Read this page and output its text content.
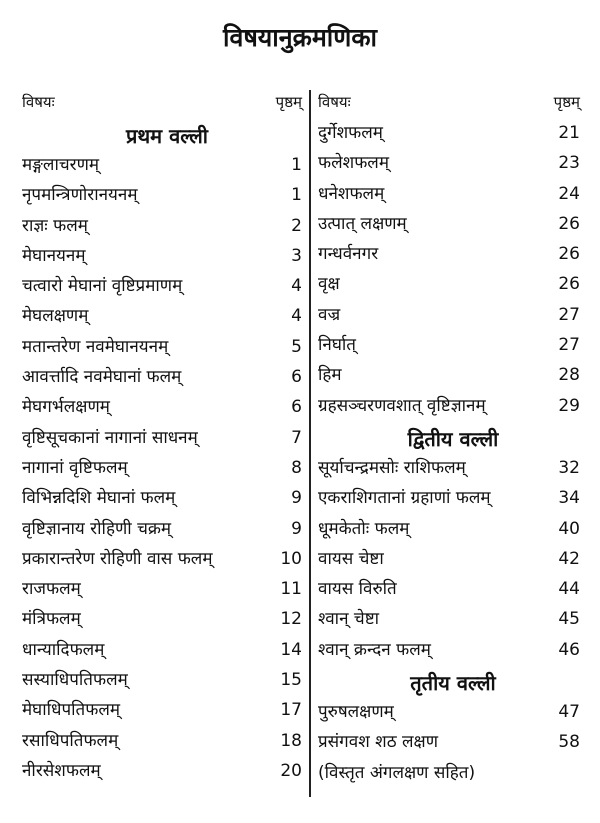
विषयानुक्रमणिका
विषयः	पृष्ठम्
प्रथम वल्ली
मङ्गलाचरणम्	1
नृपमन्त्रिणोरानयनम्	1
राज्ञः फलम्	2
मेघानयनम्	3
चत्वारो मेघानां वृष्टिप्रमाणम्	4
मेघलक्षणम्	4
मतान्तरेण नवमेघानयनम्	5
आवर्त्तादि नवमेघानां फलम्	6
मेघगर्भलक्षणम्	6
वृष्टिसूचकानां नागानां साधनम्	7
नागानां वृष्टिफलम्	8
विभिन्नदिशि मेघानां फलम्	9
वृष्टिज्ञानाय रोहिणी चक्रम्	9
प्रकारान्तरेण रोहिणी वास फलम्	10
राजफलम्	11
मंत्रिफलम्	12
धान्यादिफलम्	14
सस्याधिपतिफलम्	15
मेघाधिपतिफलम्	17
रसाधिपतिफलम्	18
नीरसेशफलम्	20
विषयः	पृष्ठम्
दुर्गेशफलम्	21
फलेशफलम्	23
धनेशफलम्	24
उत्पात् लक्षणम्	26
गन्धर्वनगर	26
वृक्ष	26
वज्र	27
निर्घात्	27
हिम	28
ग्रहसञ्चरणवशात् वृष्टिज्ञानम्	29
द्वितीय वल्ली
सूर्याचन्द्रमसोः राशिफलम्	32
एकराशिगतानां ग्रहाणां फलम्	34
धूमकेतोः फलम्	40
वायस चेष्टा	42
वायस विरुति	44
श्वान् चेष्टा	45
श्वान् क्रन्दन फलम्	46
तृतीय वल्ली
पुरुषलक्षणम्	47
प्रसंगवश शठ लक्षण	58
(विस्तृत अंगलक्षण सहित)
